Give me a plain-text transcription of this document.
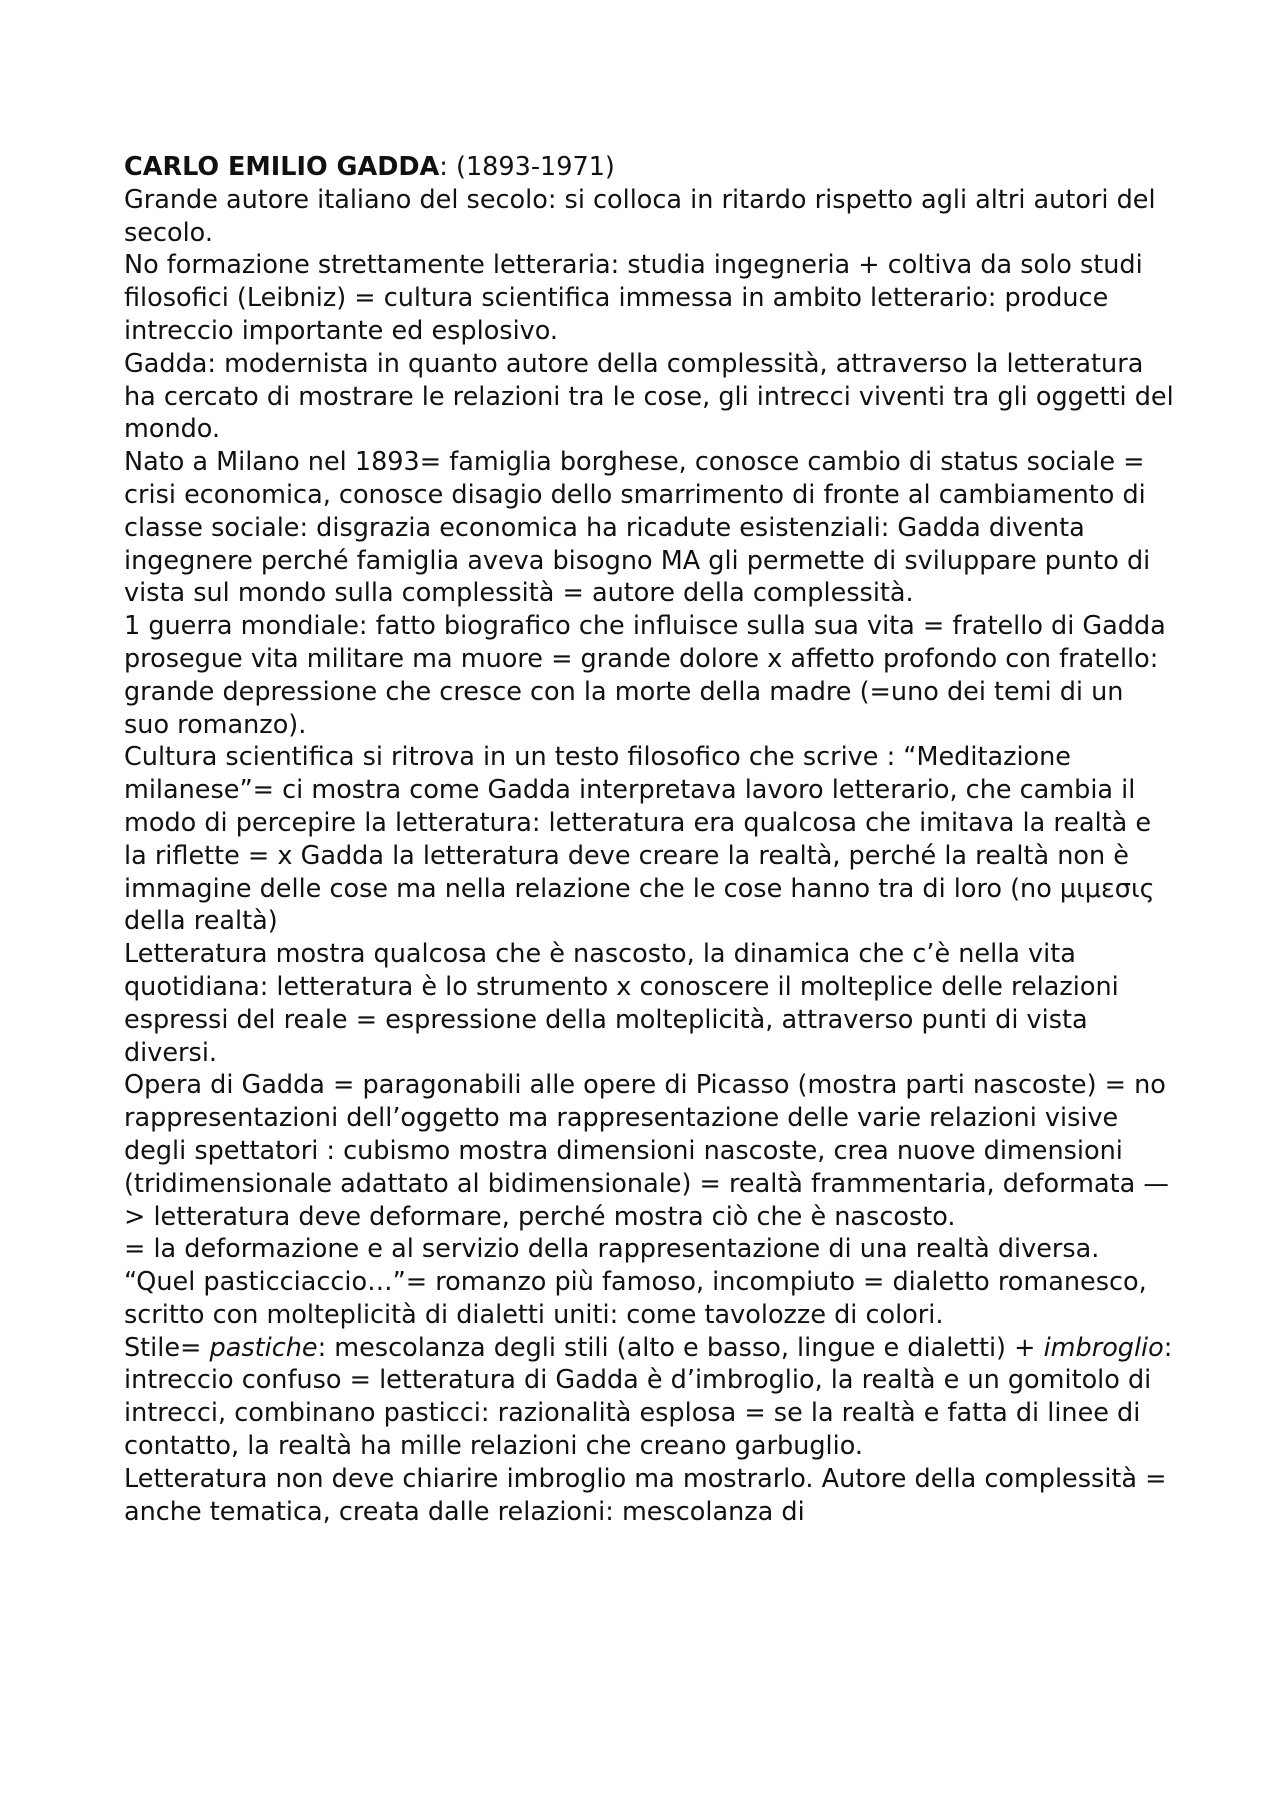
CARLO EMILIO GADDA: (1893-1971)

Grande autore italiano del secolo: si colloca in ritardo rispetto agli altri autori del secolo.

No formazione strettamente letteraria: studia ingegneria + coltiva da solo studi filosofici (Leibniz) = cultura scientifica immessa in ambito letterario: produce intreccio importante ed esplosivo.

Gadda: modernista in quanto autore della complessità, attraverso la letteratura ha cercato di mostrare le relazioni tra le cose, gli intrecci viventi tra gli oggetti del mondo.

Nato a Milano nel 1893= famiglia borghese, conosce cambio di status sociale = crisi economica, conosce disagio dello smarrimento di fronte al cambiamento di classe sociale: disgrazia economica ha ricadute esistenziali: Gadda diventa ingegnere perché famiglia aveva bisogno MA gli permette di sviluppare punto di vista sul mondo sulla complessità = autore della complessità.

1 guerra mondiale: fatto biografico che influisce sulla sua vita = fratello di Gadda prosegue vita militare ma muore = grande dolore x affetto profondo con fratello: grande depressione che cresce con la morte della madre (=uno dei temi di un suo romanzo).

Cultura scientifica si ritrova in un testo filosofico che scrive : “Meditazione milanese”= ci mostra come Gadda interpretava lavoro letterario, che cambia il modo di percepire la letteratura: letteratura era qualcosa che imitava la realtà e la riflette = x Gadda la letteratura deve creare la realtà, perché la realtà non è immagine delle cose ma nella relazione che le cose hanno tra di loro (no μιμεσις della realtà)

Letteratura mostra qualcosa che è nascosto, la dinamica che c’è nella vita quotidiana: letteratura è lo strumento x conoscere il molteplice delle relazioni espressi del reale = espressione della molteplicità, attraverso punti di vista diversi.

Opera di Gadda = paragonabili alle opere di Picasso (mostra parti nascoste) = no rappresentazioni dell’oggetto ma rappresentazione delle varie relazioni visive degli spettatori : cubismo mostra dimensioni nascoste, crea nuove dimensioni (tridimensionale adattato al bidimensionale) = realtà frammentaria, deformata —> letteratura deve deformare, perché mostra ciò che è nascosto.

= la deformazione e al servizio della rappresentazione di una realtà diversa.

“Quel pasticciaccio…”= romanzo più famoso, incompiuto = dialetto romanesco, scritto con molteplicità di dialetti uniti: come tavolozze di colori.

Stile= pastiche: mescolanza degli stili (alto e basso, lingue e dialetti) + imbroglio: intreccio confuso = letteratura di Gadda è d’imbroglio, la realtà e un gomitolo di intrecci, combinano pasticci: razionalità esplosa = se la realtà e fatta di linee di contatto, la realtà ha mille relazioni che creano garbuglio.

Letteratura non deve chiarire imbroglio ma mostrarlo. Autore della complessità = anche tematica, creata dalle relazioni: mescolanza di
